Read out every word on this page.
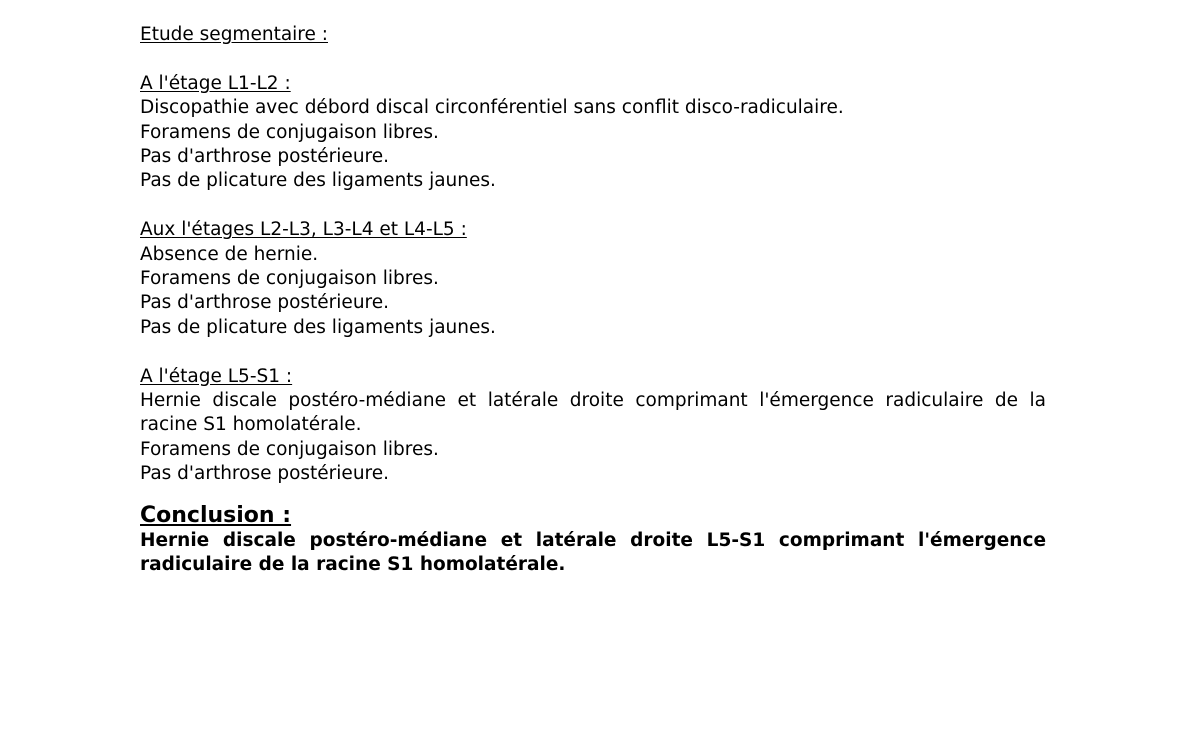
Etude segmentaire :
A l'étage L1-L2 :
Discopathie avec débord discal circonférentiel sans conflit disco-radiculaire.
Foramens de conjugaison libres.
Pas d'arthrose postérieure.
Pas de plicature des ligaments jaunes.
Aux l'étages L2-L3, L3-L4 et L4-L5 :
Absence de hernie.
Foramens de conjugaison libres.
Pas d'arthrose postérieure.
Pas de plicature des ligaments jaunes.
A l'étage L5-S1 :
Hernie discale postéro-médiane et latérale droite comprimant l'émergence radiculaire de la racine S1 homolatérale.
Foramens de conjugaison libres.
Pas d'arthrose postérieure.
Conclusion :
Hernie discale postéro-médiane et latérale droite L5-S1 comprimant l'émergence radiculaire de la racine S1 homolatérale.
